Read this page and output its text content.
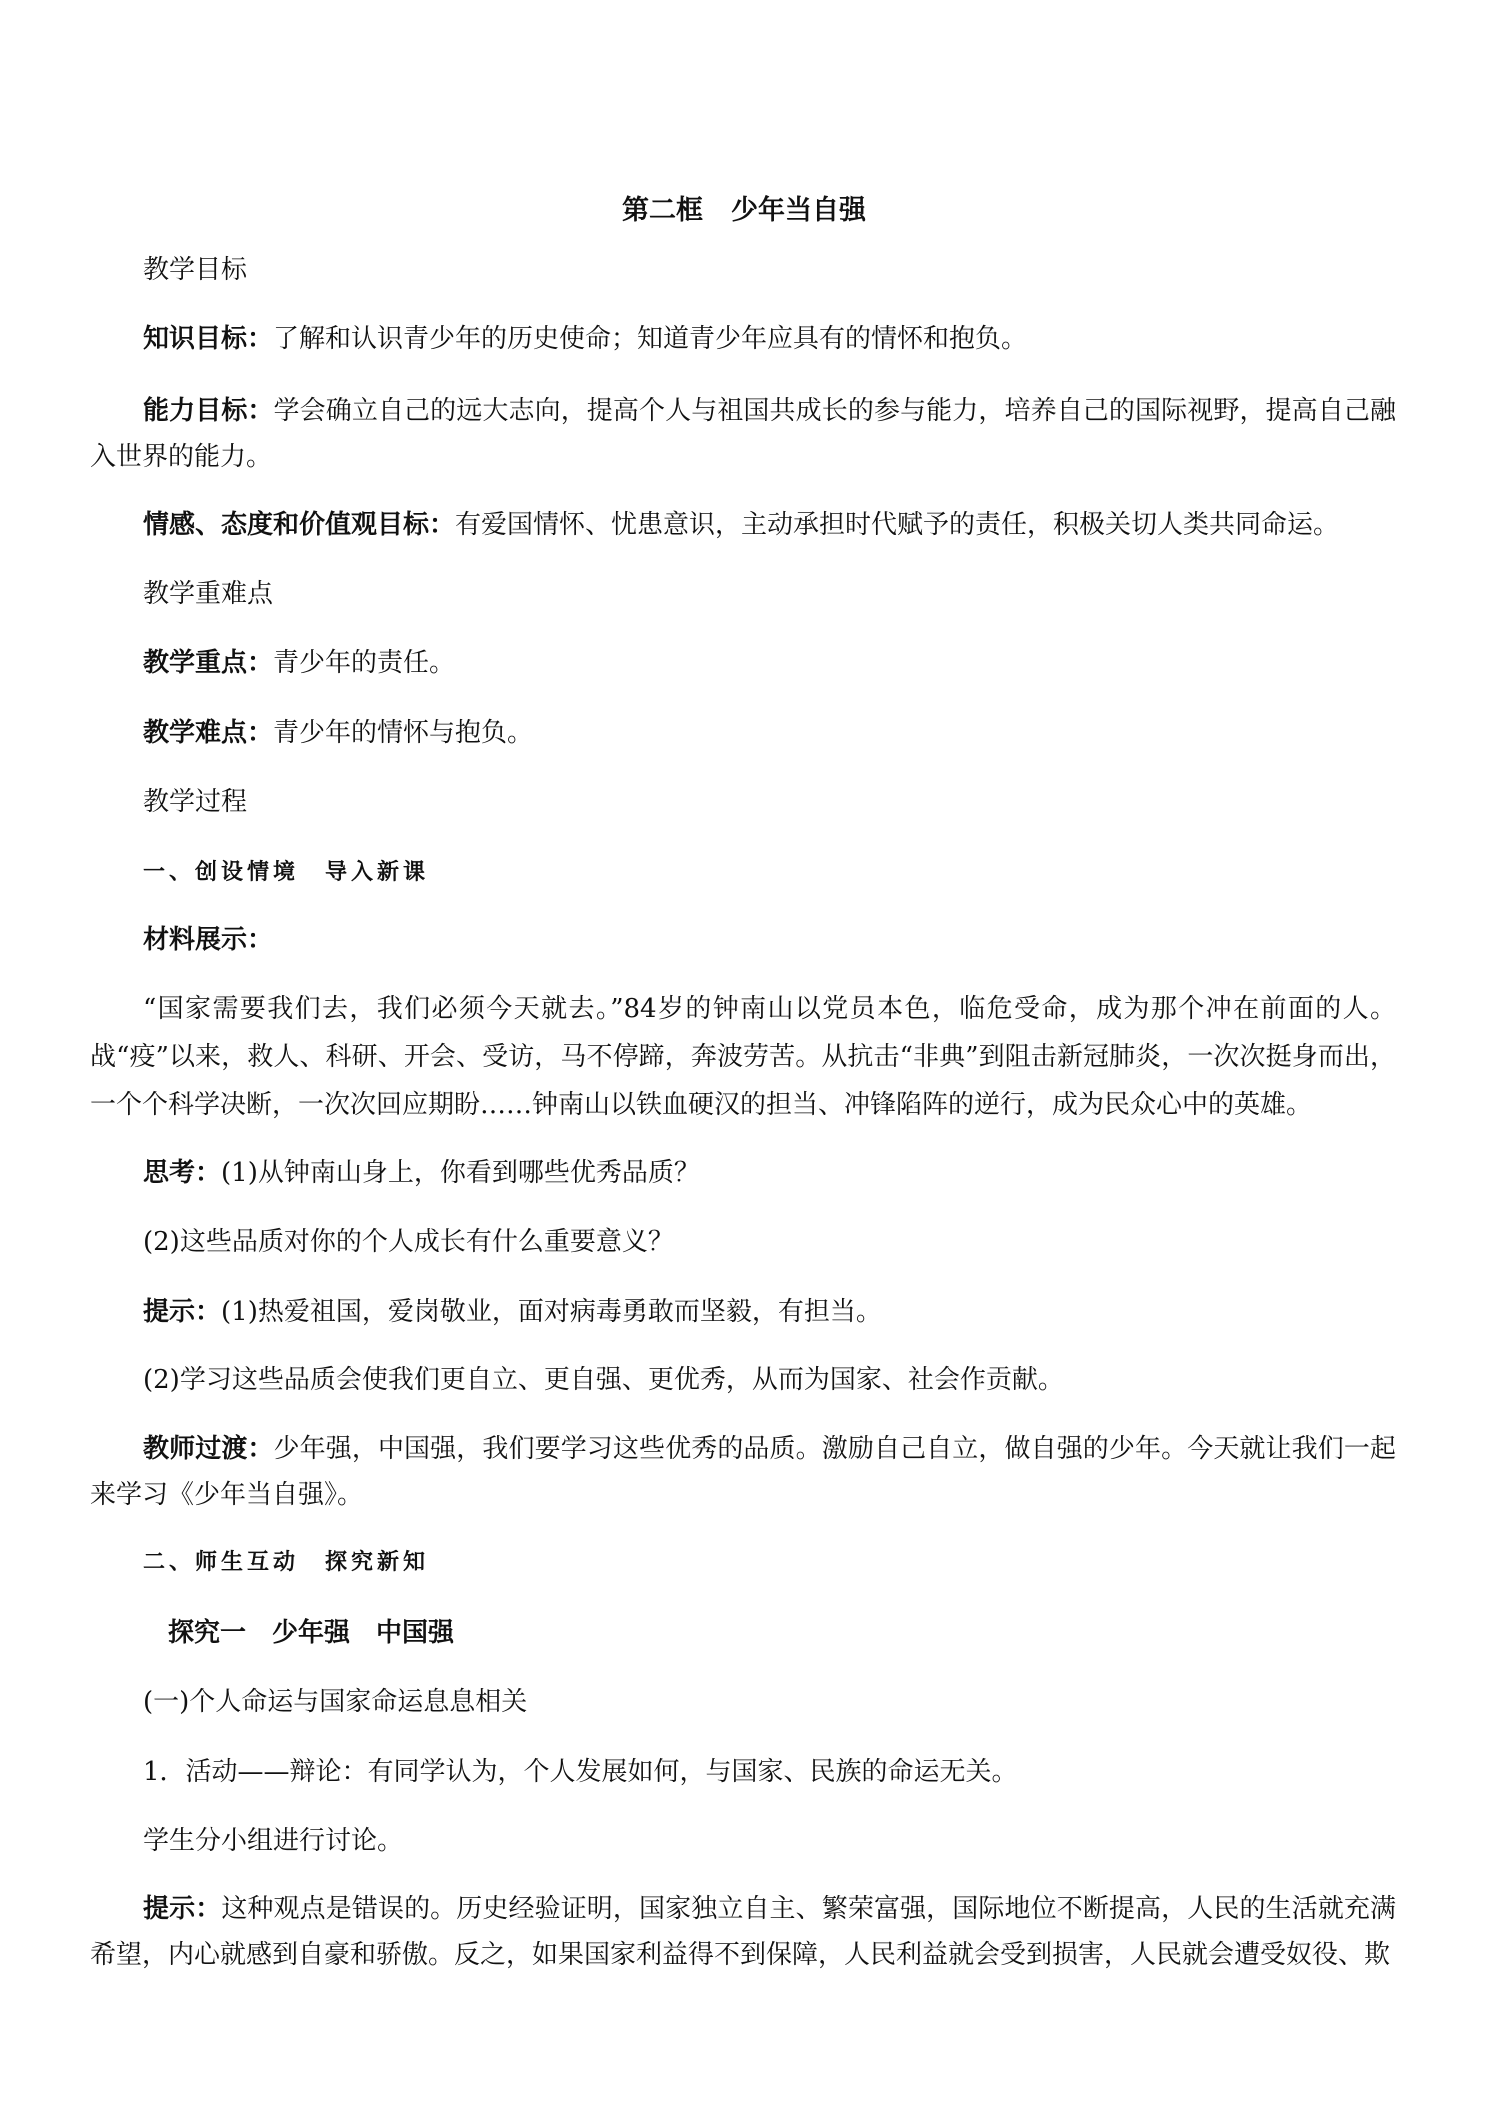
第二框 少年当自强
教学目标
知识目标：了解和认识青少年的历史使命；知道青少年应具有的情怀和抱负。
能力目标：学会确立自己的远大志向，提高个人与祖国共成长的参与能力，培养自己的国际视野，提高自己融入世界的能力。
情感、态度和价值观目标：有爱国情怀、忧患意识，主动承担时代赋予的责任，积极关切人类共同命运。
教学重难点
教学重点：青少年的责任。
教学难点：青少年的情怀与抱负。
教学过程
一、创设情境　导入新课
材料展示：
“国家需要我们去，我们必须今天就去。”84岁的钟南山以党员本色，临危受命，成为那个冲在前面的人。战“疫”以来，救人、科研、开会、受访，马不停蹄，奔波劳苦。从抗击“非典”到阻击新冠肺炎，一次次挺身而出，一个个科学决断，一次次回应期盼……钟南山以铁血硬汉的担当、冲锋陷阵的逆行，成为民众心中的英雄。
思考：(1)从钟南山身上，你看到哪些优秀品质？
(2)这些品质对你的个人成长有什么重要意义？
提示：(1)热爱祖国，爱岗敬业，面对病毒勇敢而坚毅，有担当。
(2)学习这些品质会使我们更自立、更自强、更优秀，从而为国家、社会作贡献。
教师过渡：少年强，中国强，我们要学习这些优秀的品质。激励自己自立，做自强的少年。今天就让我们一起来学习《少年当自强》。
二、师生互动　探究新知
探究一　少年强　中国强
(一)个人命运与国家命运息息相关
1．活动——辩论：有同学认为，个人发展如何，与国家、民族的命运无关。
学生分小组进行讨论。
提示：这种观点是错误的。历史经验证明，国家独立自主、繁荣富强，国际地位不断提高，人民的生活就充满希望，内心就感到自豪和骄傲。反之，如果国家利益得不到保障，人民利益就会受到损害，人民就会遭受奴役、欺
